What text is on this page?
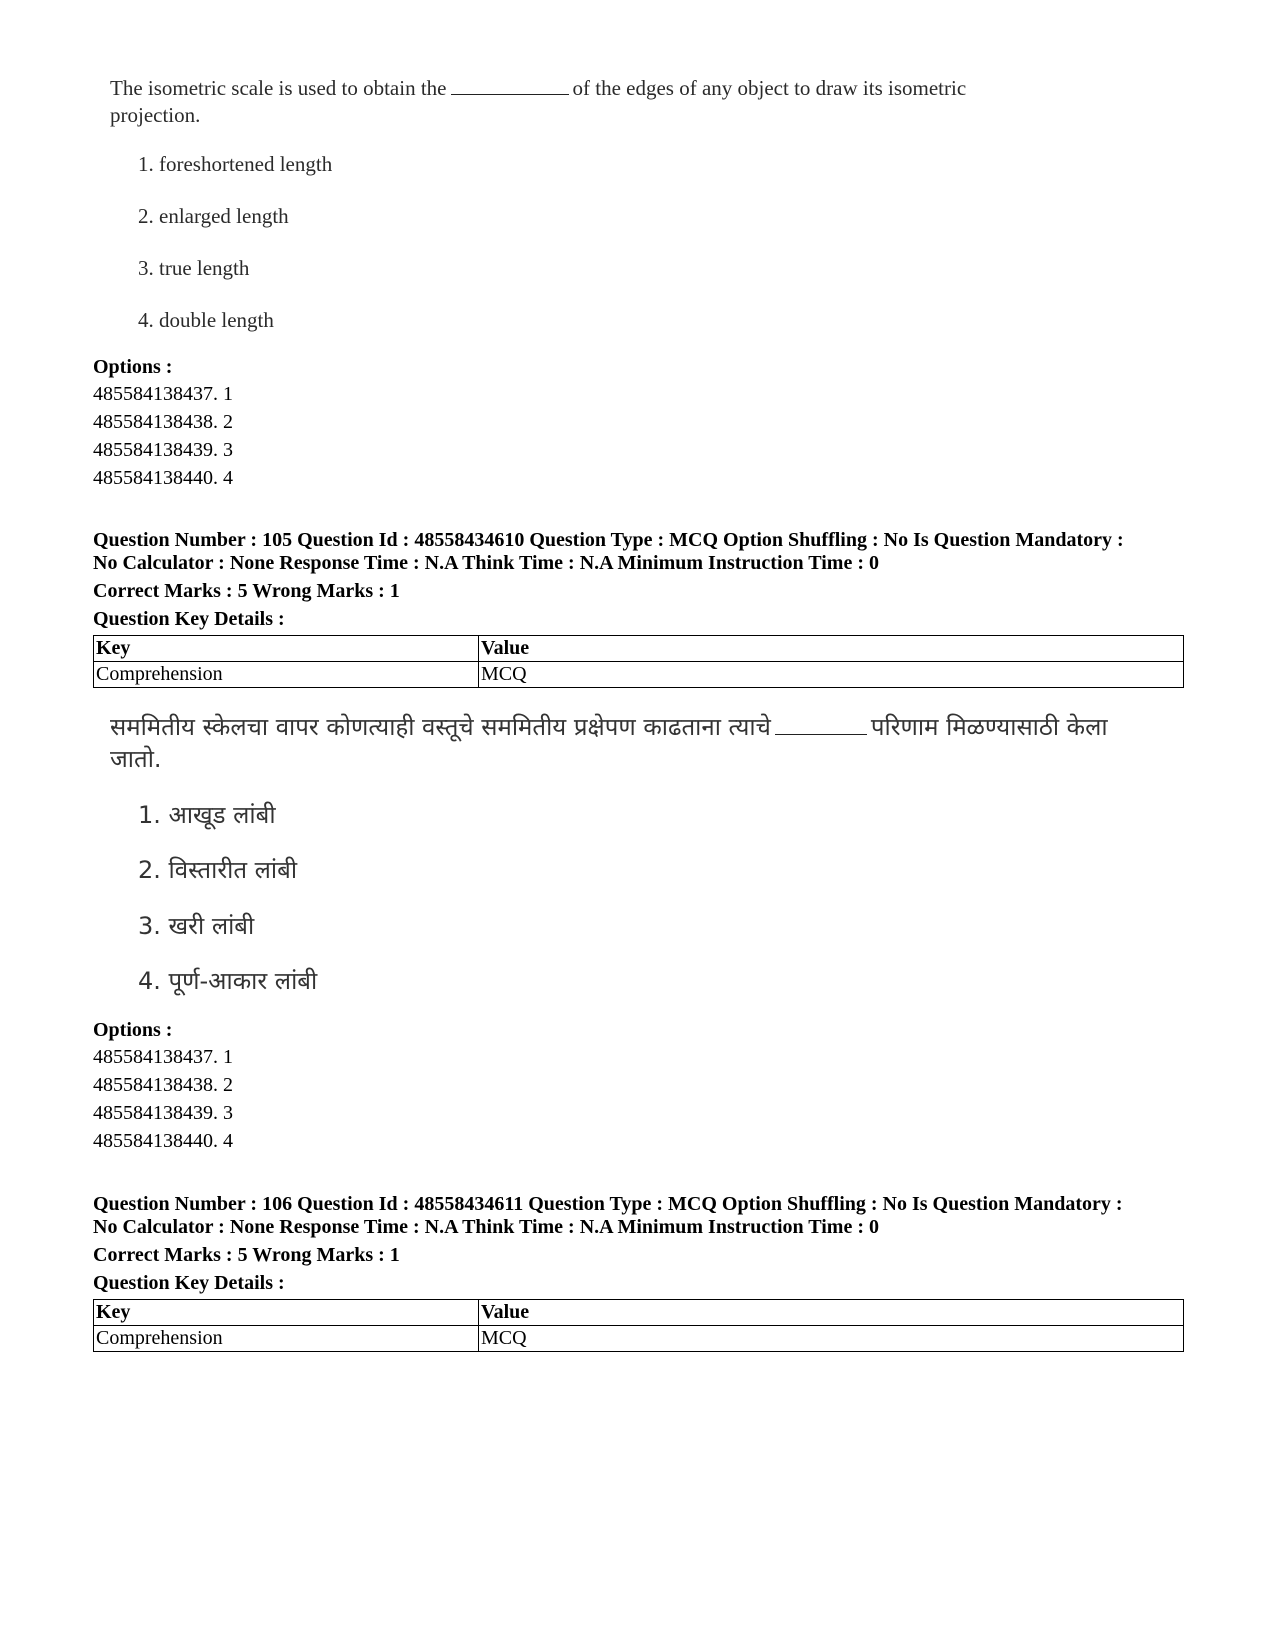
The isometric scale is used to obtain the	of the edges of any object to draw its isometric
projection.
1. foreshortened length
2. enlarged length
3. true length
4. double length
Options :
485584138437. 1
485584138438. 2
485584138439. 3
485584138440. 4
Question Number : 105 Question Id : 48558434610 Question Type : MCQ Option Shuffling : No Is Question Mandatory :
No Calculator : None Response Time : N.A Think Time : N.A Minimum Instruction Time : 0
Correct Marks : 5 Wrong Marks : 1
Question Key Details :
Key	Value
Comprehension	MCQ
सममितीय स्केलचा वापर कोणत्याही वस्तूचे सममितीय प्रक्षेपण काढताना त्याचे	परिणाम मिळण्यासाठी केला
जातो.
1. आखूड लांबी
2. विस्तारीत लांबी
3. खरी लांबी
4. पूर्ण-आकार लांबी
Options :
485584138437. 1
485584138438. 2
485584138439. 3
485584138440. 4
Question Number : 106 Question Id : 48558434611 Question Type : MCQ Option Shuffling : No Is Question Mandatory :
No Calculator : None Response Time : N.A Think Time : N.A Minimum Instruction Time : 0
Correct Marks : 5 Wrong Marks : 1
Question Key Details :
Key	Value
Comprehension	MCQ
